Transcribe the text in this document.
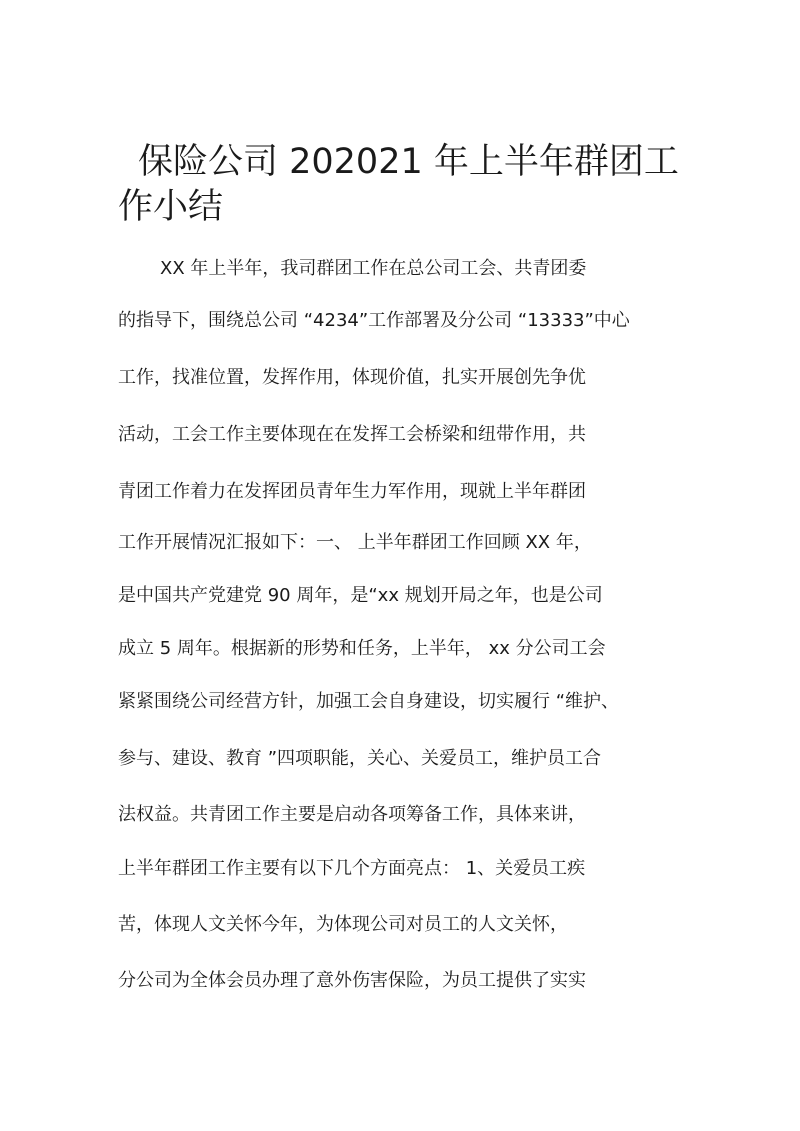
保险公司 202021 年上半年群团工作小结
XX 年上半年，我司群团工作在总公司工会、共青团委
的指导下，围绕总公司 “4234”工作部署及分公司 “13333”中心
工作，找准位置，发挥作用，体现价值，扎实开展创先争优
活动，工会工作主要体现在在发挥工会桥梁和纽带作用，共
青团工作着力在发挥团员青年生力军作用，现就上半年群团
工作开展情况汇报如下：一、 上半年群团工作回顾 XX 年，
是中国共产党建党 90 周年，是“xx 规划开局之年，也是公司
成立 5 周年。根据新的形势和任务，上半年， xx 分公司工会
紧紧围绕公司经营方针，加强工会自身建设，切实履行 “维护、
参与、建设、教育 ”四项职能，关心、关爱员工，维护员工合
法权益。共青团工作主要是启动各项筹备工作，具体来讲，
上半年群团工作主要有以下几个方面亮点： 1、关爱员工疾
苦，体现人文关怀今年，为体现公司对员工的人文关怀，
分公司为全体会员办理了意外伤害保险，为员工提供了实实
